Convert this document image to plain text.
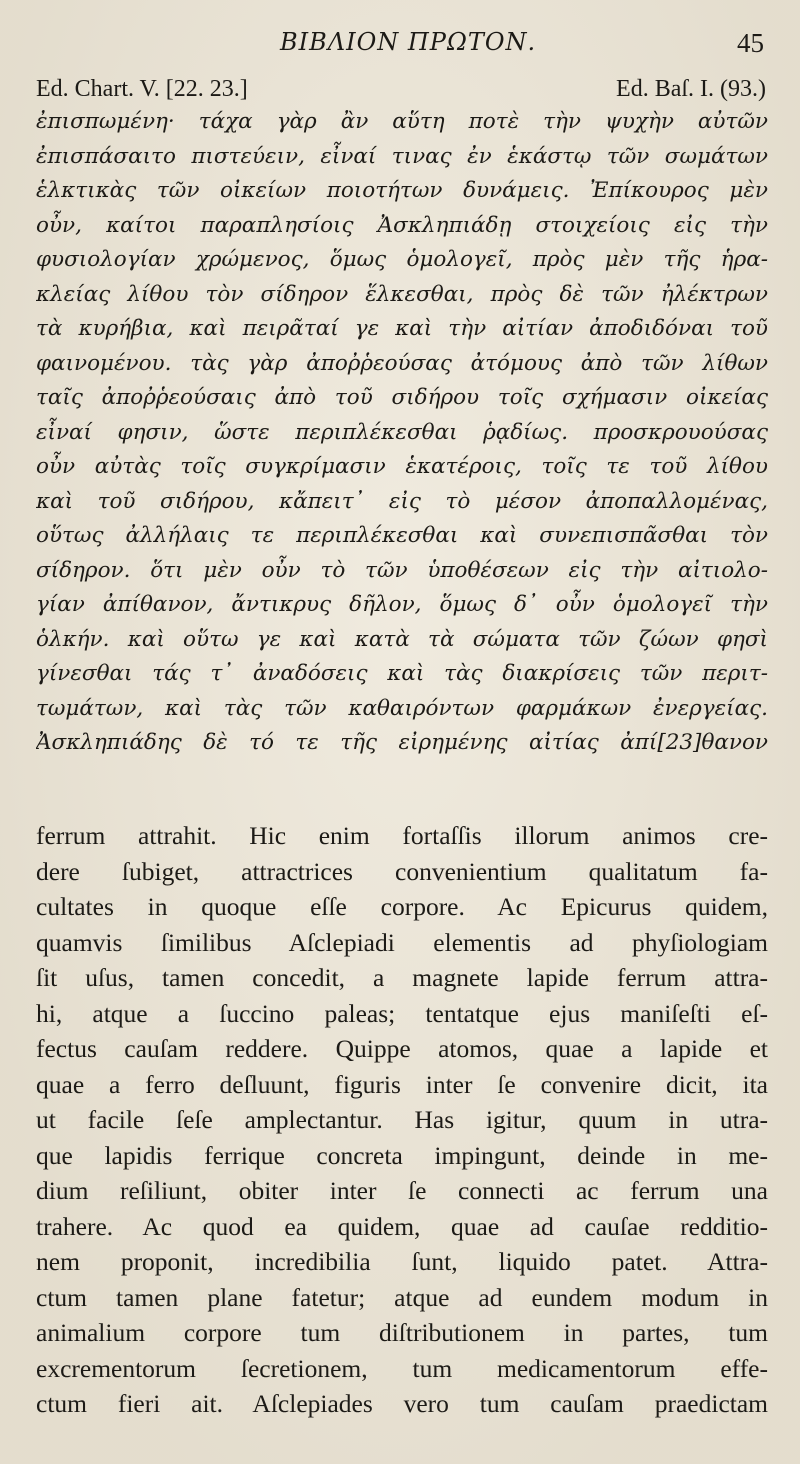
BIBΛΙΟΝ ΠΡΩΤΟΝ.	45
Ed. Chart. V. [22. 23.]	Ed. Baſ. I. (93.)
ἐπισπωμένη· τάχα γὰρ ἂν αὕτη ποτὲ τὴν ψυχὴν αὐτῶν
ἐπισπάσαιτο πιστεύειν, εἶναί τινας ἐν ἑκάστῳ τῶν σωμάτων
ἑλκτικὰς τῶν οἰκείων ποιοτήτων δυνάμεις. Ἐπίκουρος μὲν
οὖν, καίτοι παραπλησίοις Ἀσκληπιάδῃ στοιχείοις εἰς τὴν
φυσιολογίαν χρώμενος, ὅμως ὁμολογεῖ, πρὸς μὲν τῆς ἡρα-
κλείας λίθου τὸν σίδηρον ἕλκεσθαι, πρὸς δὲ τῶν ἠλέκτρων
τὰ κυρήβια, καὶ πειρᾶταί γε καὶ τὴν αἰτίαν ἀποδιδόναι τοῦ
φαινομένου. τὰς γὰρ ἀποῤῥεούσας ἀτόμους ἀπὸ τῶν λίθων
ταῖς ἀποῤῥεούσαις ἀπὸ τοῦ σιδήρου τοῖς σχήμασιν οἰκείας
εἶναί φησιν, ὥστε περιπλέκεσθαι ῥᾳδίως. προσκρουούσας
οὖν αὐτὰς τοῖς συγκρίμασιν ἑκατέροις, τοῖς τε τοῦ λίθου
καὶ τοῦ σιδήρου, κἄπειτ᾽ εἰς τὸ μέσον ἀποπαλλομένας,
οὕτως ἀλλήλαις τε περιπλέκεσθαι καὶ συνεπισπᾶσθαι τὸν
σίδηρον. ὅτι μὲν οὖν τὸ τῶν ὑποθέσεων εἰς τὴν αἰτιολο-
γίαν ἀπίθανον, ἄντικρυς δῆλον, ὅμως δ᾽ οὖν ὁμολογεῖ τὴν
ὁλκήν. καὶ οὕτω γε καὶ κατὰ τὰ σώματα τῶν ζώων φησὶ
γίνεσθαι τάς τ᾽ ἀναδόσεις καὶ τὰς διακρίσεις τῶν περιτ-
τωμάτων, καὶ τὰς τῶν καθαιρόντων φαρμάκων ἐνεργείας.
Ἀσκληπιάδης δὲ τό τε τῆς εἰρημένης αἰτίας ἀπί[23]θανον
ferrum attrahit. Hic enim fortaſſis illorum animos cre-
dere ſubiget, attractrices convenientium qualitatum fa-
cultates in quoque eſſe corpore. Ac Epicurus quidem,
quamvis ſimilibus Aſclepiadi elementis ad phyſiologiam
ſit uſus, tamen concedit, a magnete lapide ferrum attra-
hi, atque a ſuccino paleas; tentatque ejus maniſeſti eſ-
fectus cauſam reddere. Quippe atomos, quae a lapide et
quae a ferro deſluunt, figuris inter ſe convenire dicit, ita
ut facile ſeſe amplectantur. Has igitur, quum in utra-
que lapidis ferrique concreta impingunt, deinde in me-
dium reſiliunt, obiter inter ſe connecti ac ferrum una
trahere. Ac quod ea quidem, quae ad cauſae redditio-
nem proponit, incredibilia ſunt, liquido patet. Attra-
ctum tamen plane fatetur; atque ad eundem modum in
animalium corpore tum diſtributionem in partes, tum
excrementorum ſecretionem, tum medicamentorum effe-
ctum fieri ait. Aſclepiades vero tum cauſam praedictam
